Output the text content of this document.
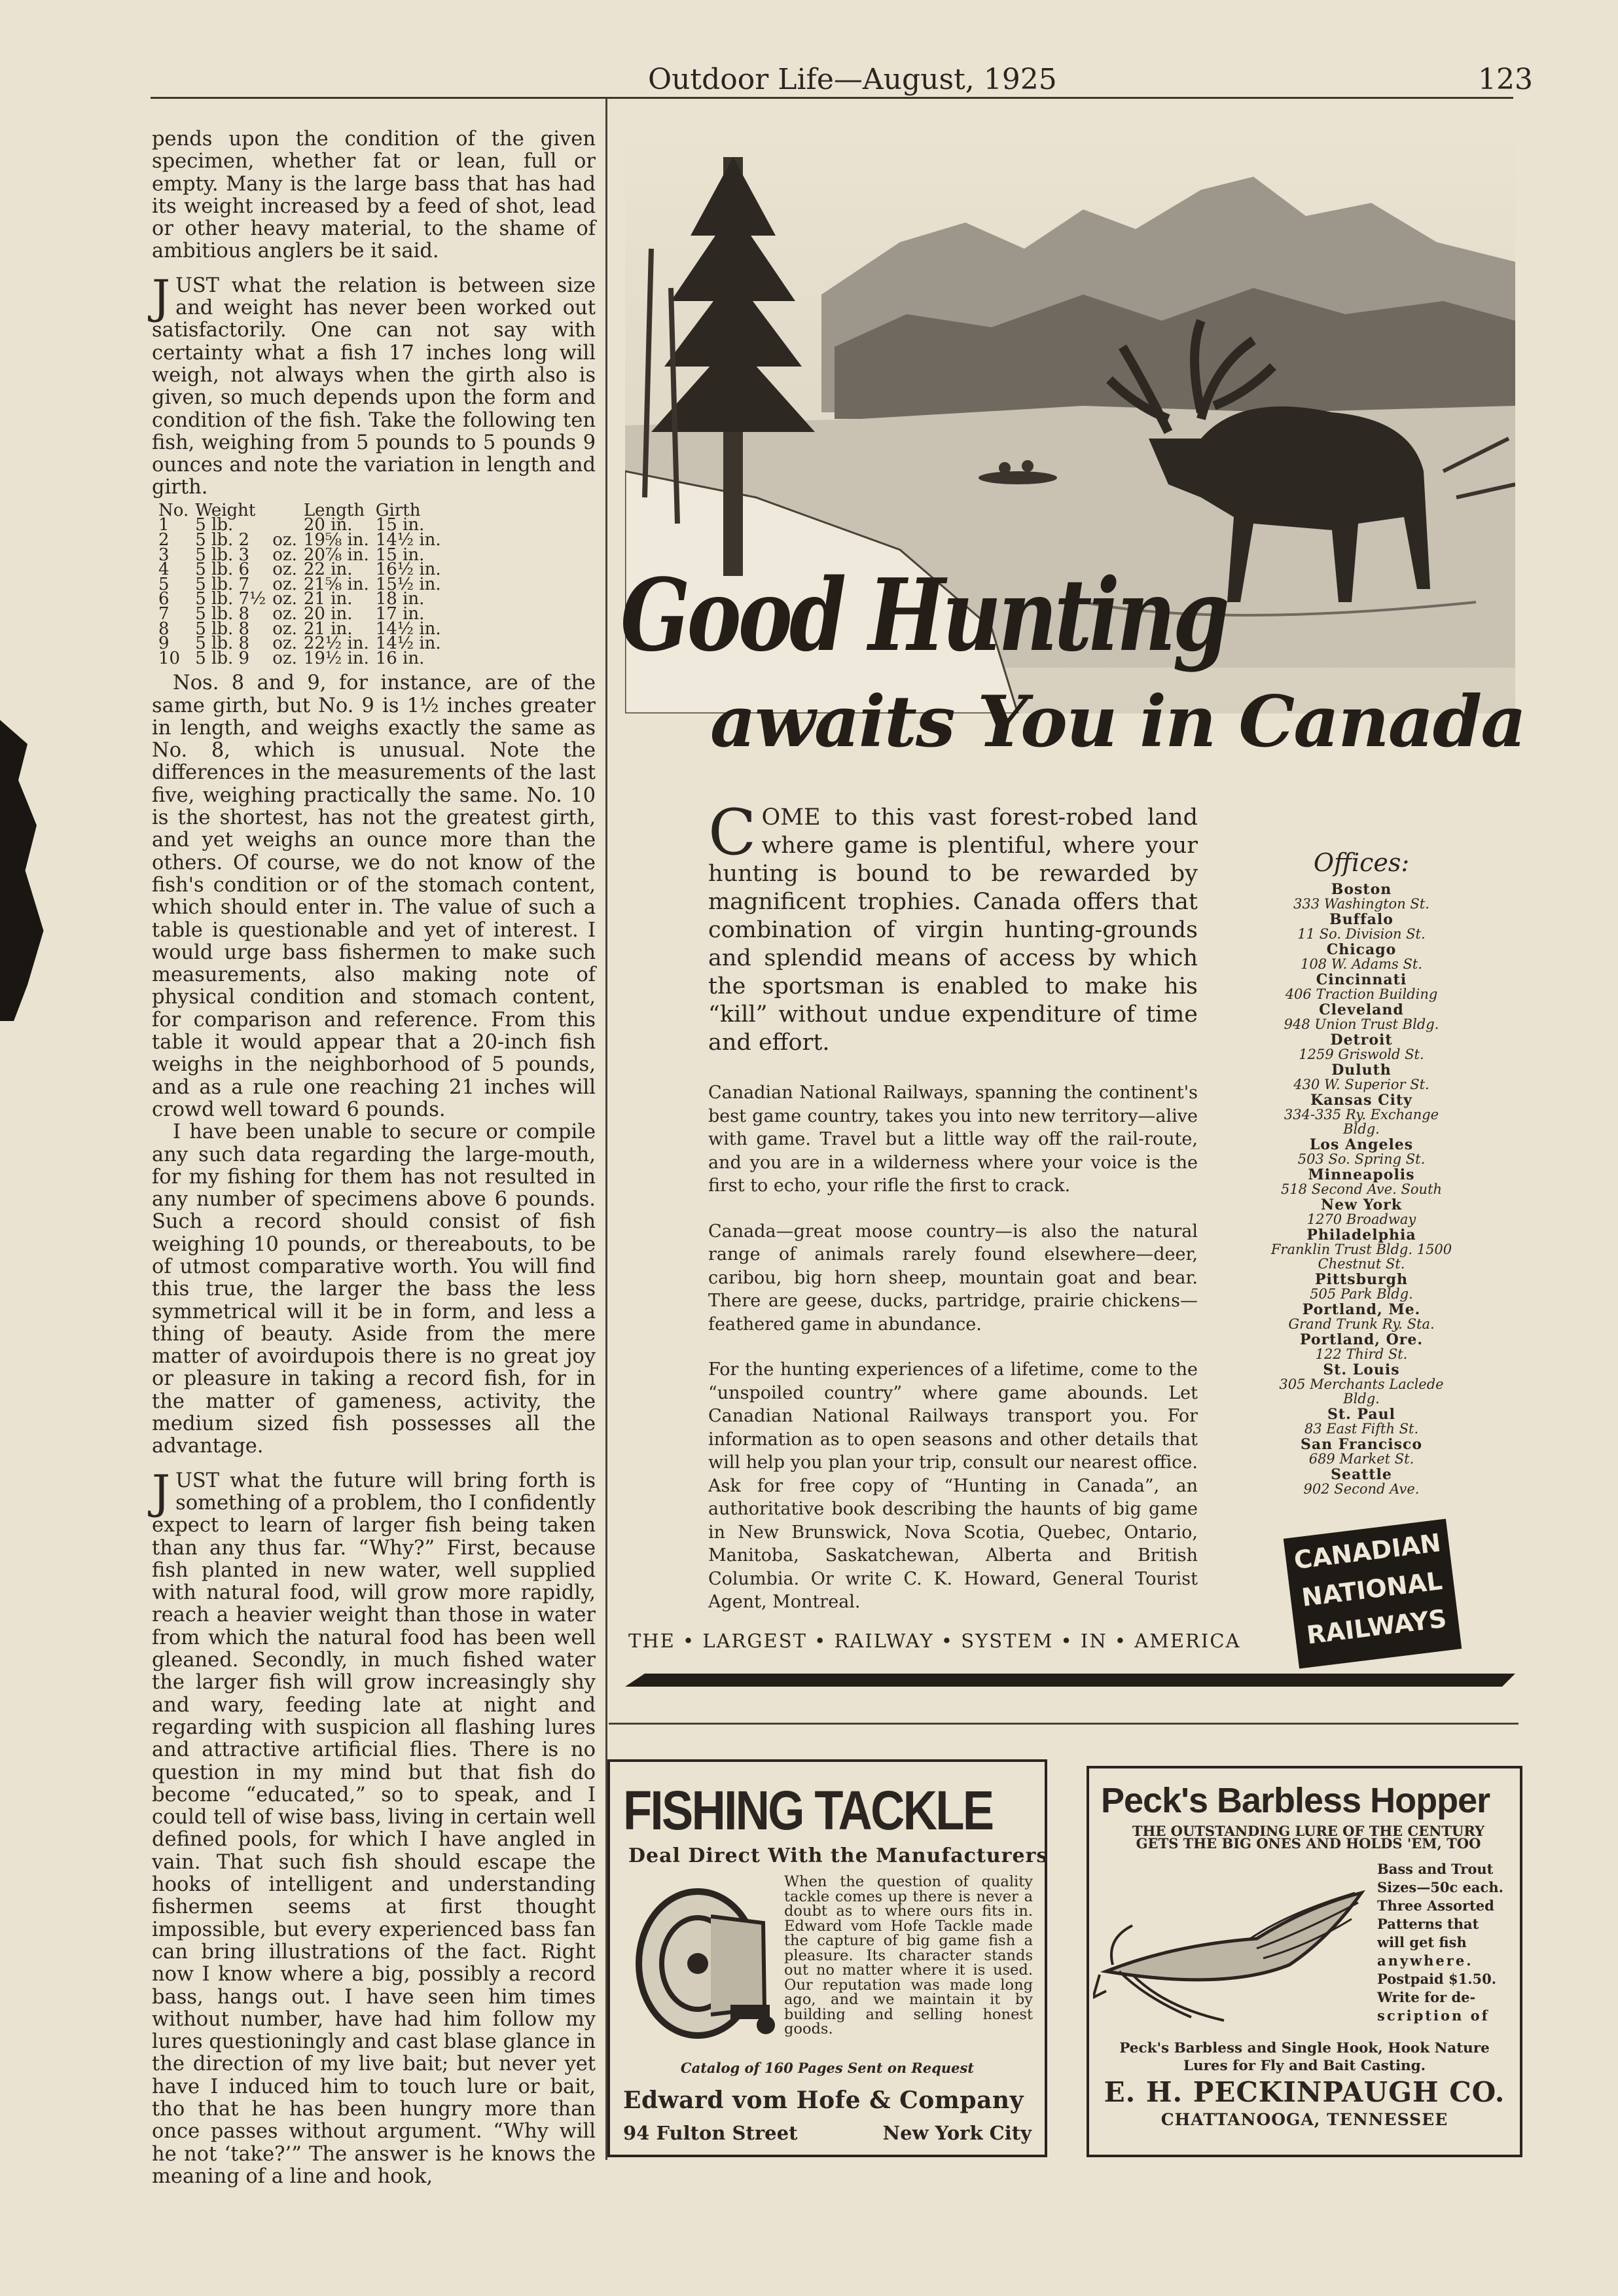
Outdoor Life—August, 1925	123

pends upon the condition of the given specimen, whether fat or lean, full or empty. Many is the large bass that has had its weight increased by a feed of shot, lead or other heavy material, to the shame of ambitious anglers be it said.

JUST what the relation is between size and weight has never been worked out satisfactorily. One can not say with certainty what a fish 17 inches long will weigh, not always when the girth also is given, so much depends upon the form and condition of the fish. Take the following ten fish, weighing from 5 pounds to 5 pounds 9 ounces and note the variation in length and girth.

No.	Weight		Length	Girth
1	5 lb.		20 in.	15 in.
2	5 lb. 2	oz.	19⅝ in.	14½ in.
3	5 lb. 3	oz.	20⅞ in.	15 in.
4	5 lb. 6	oz.	22 in.	16½ in.
5	5 lb. 7	oz.	21⅝ in.	15½ in.
6	5 lb. 7½	oz.	21 in.	18 in.
7	5 lb. 8	oz.	20 in.	17 in.
8	5 lb. 8	oz.	21 in.	14½ in.
9	5 lb. 8	oz.	22½ in.	14½ in.
10	5 lb. 9	oz.	19½ in.	16 in.

Nos. 8 and 9, for instance, are of the same girth, but No. 9 is 1½ inches greater in length, and weighs exactly the same as No. 8, which is unusual. Note the differences in the measurements of the last five, weighing practically the same. No. 10 is the shortest, has not the greatest girth, and yet weighs an ounce more than the others. Of course, we do not know of the fish's condition or of the stomach content, which should enter in. The value of such a table is questionable and yet of interest. I would urge bass fishermen to make such measurements, also making note of physical condition and stomach content, for comparison and reference. From this table it would appear that a 20-inch fish weighs in the neighborhood of 5 pounds, and as a rule one reaching 21 inches will crowd well toward 6 pounds.

I have been unable to secure or compile any such data regarding the large-mouth, for my fishing for them has not resulted in any number of specimens above 6 pounds. Such a record should consist of fish weighing 10 pounds, or thereabouts, to be of utmost comparative worth. You will find this true, the larger the bass the less symmetrical will it be in form, and less a thing of beauty. Aside from the mere matter of avoirdupois there is no great joy or pleasure in taking a record fish, for in the matter of gameness, activity, the medium sized fish possesses all the advantage.

JUST what the future will bring forth is something of a problem, tho I confidently expect to learn of larger fish being taken than any thus far. “Why?” First, because fish planted in new water, well supplied with natural food, will grow more rapidly, reach a heavier weight than those in water from which the natural food has been well gleaned. Secondly, in much fished water the larger fish will grow increasingly shy and wary, feeding late at night and regarding with suspicion all flashing lures and attractive artificial flies. There is no question in my mind but that fish do become “educated,” so to speak, and I could tell of wise bass, living in certain well defined pools, for which I have angled in vain. That such fish should escape the hooks of intelligent and understanding fishermen seems at first thought impossible, but every experienced bass fan can bring illustrations of the fact. Right now I know where a big, possibly a record bass, hangs out. I have seen him times without number, have had him follow my lures questioningly and cast blase glance in the direction of my live bait; but never yet have I induced him to touch lure or bait, tho that he has been hungry more than once passes without argument. “Why will he not ‘take?’” The answer is he knows the meaning of a line and hook,

Good Hunting
awaits You in Canada
COME to this vast forest-robed land where game is plentiful, where your hunting is bound to be rewarded by magnificent trophies. Canada offers that combination of virgin hunting-grounds and splendid means of access by which the sportsman is enabled to make his “kill” without undue expenditure of time and effort.

Canadian National Railways, spanning the continent's best game country, takes you into new territory—alive with game. Travel but a little way off the rail-route, and you are in a wilderness where your voice is the first to echo, your rifle the first to crack.

Canada—great moose country—is also the natural range of animals rarely found elsewhere—deer, caribou, big horn sheep, mountain goat and bear. There are geese, ducks, partridge, prairie chickens—feathered game in abundance.

For the hunting experiences of a lifetime, come to the “unspoiled country” where game abounds. Let Canadian National Railways transport you. For information as to open seasons and other details that will help you plan your trip, consult our nearest office. Ask for free copy of “Hunting in Canada”, an authoritative book describing the haunts of big game in New Brunswick, Nova Scotia, Quebec, Ontario, Manitoba, Saskatchewan, Alberta and British Columbia. Or write C. K. Howard, General Tourist Agent, Montreal.

Offices:
Boston
333 Washington St.
Buffalo
11 So. Division St.
Chicago
108 W. Adams St.
Cincinnati
406 Traction Building
Cleveland
948 Union Trust Bldg.
Detroit
1259 Griswold St.
Duluth
430 W. Superior St.
Kansas City
334-335 Ry. Exchange Bldg.
Los Angeles
503 So. Spring St.
Minneapolis
518 Second Ave. South
New York
1270 Broadway
Philadelphia
Franklin Trust Bldg. 1500 Chestnut St.
Pittsburgh
505 Park Bldg.
Portland, Me.
Grand Trunk Ry. Sta.
Portland, Ore.
122 Third St.
St. Louis
305 Merchants Laclede Bldg.
St. Paul
83 East Fifth St.
San Francisco
689 Market St.
Seattle
902 Second Ave.
CANADIAN
NATIONAL
RAILWAYS
THE • LARGEST • RAILWAY • SYSTEM • IN • AMERICA
FISHING TACKLE
Deal Direct With the Manufacturers
When the question of quality tackle comes up there is never a doubt as to where ours fits in. Edward vom Hofe Tackle made the capture of big game fish a pleasure. Its character stands out no matter where it is used. Our reputation was made long ago, and we maintain it by building and selling honest goods.
Catalog of 160 Pages Sent on Request
Edward vom Hofe & Company
94 Fulton Street	New York City
Peck's Barbless Hopper
THE OUTSTANDING LURE OF THE CENTURY
GETS THE BIG ONES AND HOLDS 'EM, TOO
Bass and Trout
Sizes—50c each.
Three Assorted
Patterns that
will get fish
anywhere.
Postpaid $1.50.
Write for de-
scription of
Peck's Barbless and Single Hook, Hook Nature
Lures for Fly and Bait Casting.
E. H. PECKINPAUGH CO.
CHATTANOOGA, TENNESSEE
